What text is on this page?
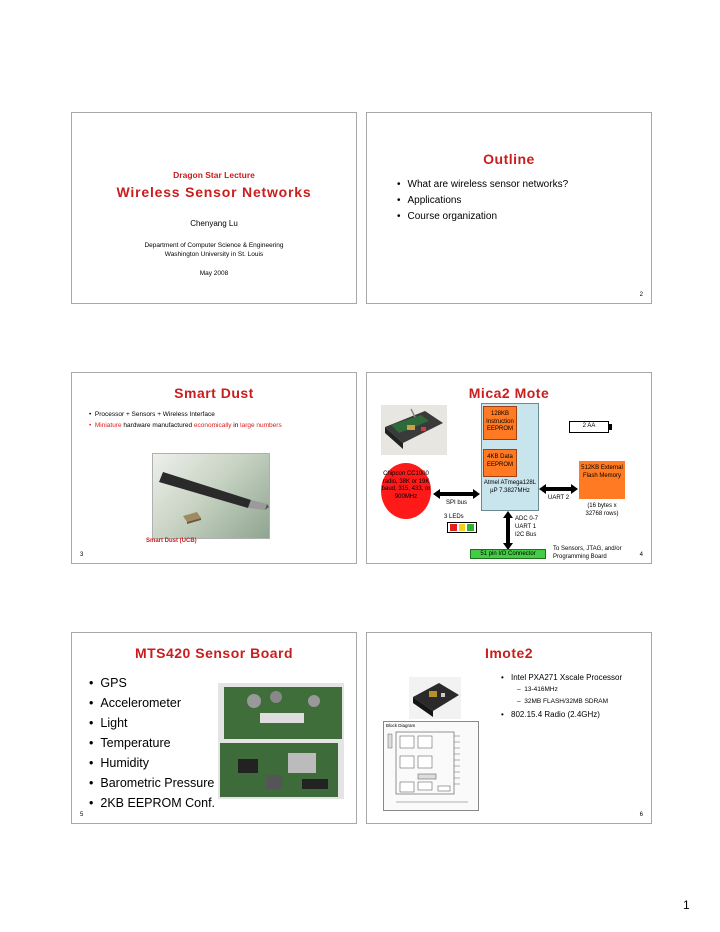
Dragon Star Lecture
Wireless Sensor Networks
Chenyang Lu
Department of Computer Science & Engineering
Washington University in St. Louis
May 2008
Outline
• What are wireless sensor networks?
• Applications
• Course organization
2
Smart Dust
•  Processor + Sensors + Wireless Interface
•  Miniature hardware manufactured economically in large numbers
Smart Dust (UCB)
3
Mica2 Mote
128KB Instruction EEPROM
4KB Data EEPROM
Atmel ATmega128L µP 7.3827MHz
2 AA
512KB External Flash Memory
(16 bytes x 32768 rows)
Chipcon CC1000 radio, 38K or 19K baud, 315, 433, or 900MHz
SPI bus
UART 2
3 LEDs	ADC 0-7
UART 1
I2C Bus
51 pin I/O Connector
To Sensors, JTAG, and/or Programming Board	4
MTS420 Sensor Board
• GPS
• Accelerometer
• Light
• Temperature
• Humidity
• Barometric Pressure
• 2KB EEPROM Conf.
5
Imote2
Block Diagram
• Intel PXA271 Xscale Processor
–  13-416MHz
–  32MB FLASH/32MB SDRAM
• 802.15.4 Radio (2.4GHz)
6
1
